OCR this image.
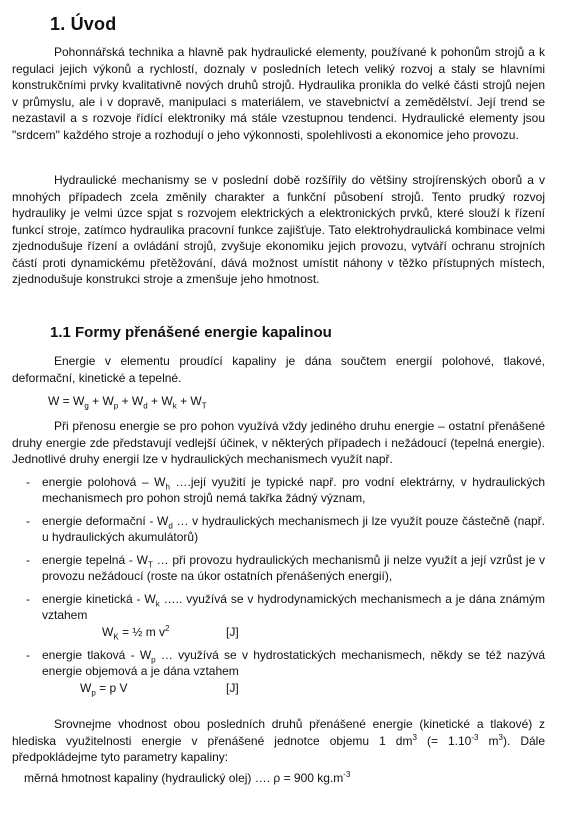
1. Úvod

Pohonnářská technika a hlavně pak hydraulické elementy, používané k pohonům strojů a k regulaci jejich výkonů a rychlostí, doznaly v posledních letech veliký rozvoj a staly se hlavními konstrukčními prvky kvalitativně nových druhů strojů. Hydraulika pronikla do velké části strojů nejen v průmyslu, ale i v dopravě, manipulaci s materiálem, ve stavebnictví a zemědělství. Její trend se nezastavil a s rozvoje řídící elektroniky má stále vzestupnou tendenci. Hydraulické elementy jsou "srdcem" každého stroje a rozhodují o jeho výkonnosti, spolehlivosti a ekonomice jeho provozu.

Hydraulické mechanismy se v poslední době rozšířily do většiny strojírenských oborů a v mnohých případech zcela změnily charakter a funkční působení strojů. Tento prudký rozvoj hydrauliky je velmi úzce spjat s rozvojem elektrických a elektronických prvků, které slouží k řízení funkcí stroje, zatímco hydraulika pracovní funkce zajišťuje. Tato elektrohydraulická kombinace velmi zjednodušuje řízení a ovládání strojů, zvyšuje ekonomiku jejich provozu, vytváří ochranu strojních částí proti dynamickému přetěžování, dává možnost umístit náhony v těžko přístupných místech, zjednodušuje konstrukci stroje a zmenšuje jeho hmotnost.

1.1 Formy přenášené energie kapalinou

Energie v elementu proudící kapaliny je dána součtem energií polohové, tlakové, deformační, kinetické a tepelné.

$W = W_g + W_p + W_d + W_k + W_T$

Při přenosu energie se pro pohon využívá vždy jediného druhu energie – ostatní přenášené druhy energie zde představují vedlejší účinek, v některých případech i nežádoucí (tepelná energie). Jednotlivé druhy energií lze v hydraulických mechanismech využít např.

- energie polohová – $W_h$ ….její využití je typické např. pro vodní elektrárny, v hydraulických mechanismech pro pohon strojů nemá takřka žádný význam,
- energie deformační - $W_d$ … v hydraulických mechanismech ji lze využít pouze částečně (např. u hydraulických akumulátorů)
- energie tepelná - $W_T$ … při provozu hydraulických mechanismů ji nelze využít a její vzrůst je v provozu nežádoucí (roste na úkor ostatních přenášených energií),
- energie kinetická - $W_k$ ….. využívá se v hydrodynamických mechanismech a je dána známým vztahem
$W_K$ = ½ m $v^2$	[J]
- energie tlaková - $W_p$ … využívá se v hydrostatických mechanismech, někdy se též nazývá energie objemová a je dána vztahem
$W_p = p$ V	[J]

Srovnejme vhodnost obou posledních druhů přenášené energie (kinetické a tlakové) z hlediska využitelnosti energie v přenášené jednotce objemu 1 $dm^3$ (= $1.10^{-3}$ $m^3$). Dále předpokládejme tyto parametry kapaliny:

měrná hmotnost kapaliny (hydraulický olej) …. ρ = 900 $kg.m^{-3}$
